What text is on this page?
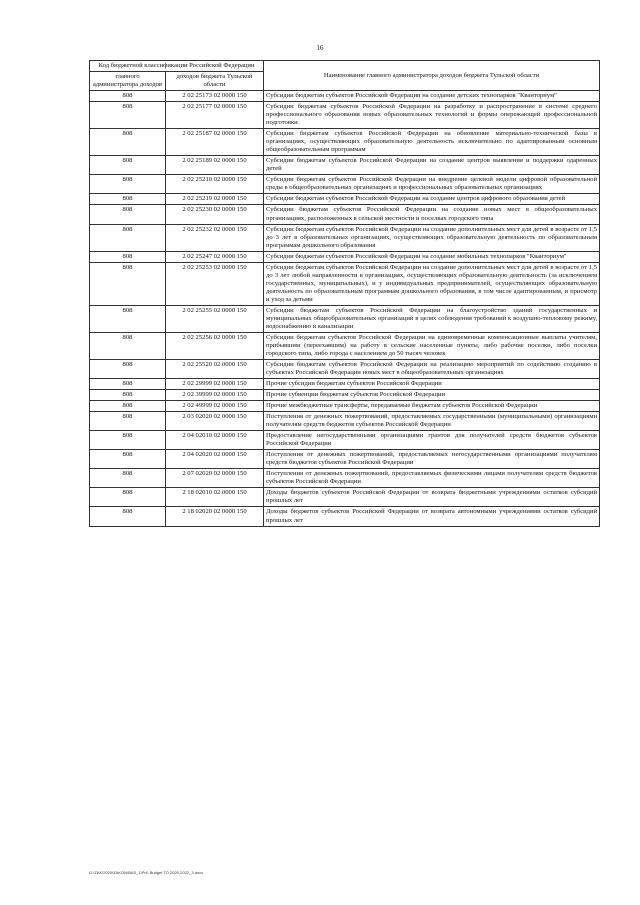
16
Код бюджетной классификации Российской Федерации		Наименование главного администратора доходов бюджета Тульской области
главного администратора доходов	доходов бюджета Тульской области	
808	2 02 25173 02 0000 150	Субсидии бюджетам субъектов Российской Федерации на создание детских технопарков "Кванториум"
808	2 02 25177 02 0000 150	Субсидии бюджетам субъектов Российской Федерации на разработку и распространение в системе среднего профессионального образования новых образовательных технологий и формы опережающей профессиональной подготовки
808	2 02 25187 02 0000 150	Субсидии бюджетам субъектов Российской Федерации на обновление материально-технической базы в организациях, осуществляющих образовательную деятельность исключительно по адаптированным основным общеобразовательным программам
808	2 02 25189 02 0000 150	Субсидии бюджетам субъектов Российской Федерации на создание центров выявления и поддержки одаренных детей
808	2 02 25210 02 0000 150	Субсидии бюджетам субъектов Российской Федерации на внедрение целевой модели цифровой образовательной среды в общеобразовательных организациях и профессиональных образовательных организациях
808	2 02 25219 02 0000 150	Субсидии бюджетам субъектов Российской Федерации на создание центров цифрового образования детей
808	2 02 25230 02 0000 150	Субсидии бюджетам субъектов Российской Федерации на создание новых мест в общеобразовательных организациях, расположенных в сельской местности и поселках городского типа
808	2 02 25232 02 0000 150	Субсидии бюджетам субъектов Российской Федерации на создание дополнительных мест для детей в возрасте от 1,5 до 3 лет в образовательных организациях, осуществляющих образовательную деятельность по образовательным программам дошкольного образования
808	2 02 25247 02 0000 150	Субсидии бюджетам субъектов Российской Федерации на создание мобильных технопарков "Кванториум"
808	2 02 25253 02 0000 150	Субсидии бюджетам субъектов Российской Федерации на создание дополнительных мест для детей в возрасте от 1,5 до 3 лет любой направленности в организациях, осуществляющих образовательную деятельность (за исключением государственных, муниципальных), и у индивидуальных предпринимателей, осуществляющих образовательную деятельность по образовательным программам дошкольного образования, в том числе адаптированным, и присмотр и уход за детьми
808	2 02 25255 02 0000 150	Субсидии бюджетам субъектов Российской Федерации на благоустройство зданий государственных и муниципальных общеобразовательных организаций в целях соблюдения требований к воздушно-тепловому режиму, водоснабжению и канализации
808	2 02 25256 02 0000 150	Субсидии бюджетам субъектов Российской Федерации на единовременные компенсационные выплаты учителям, прибывшим (переехавшим) на работу в сельские населенные пункты, либо рабочие поселки, либо поселки городского типа, либо города с населением до 50 тысяч человек
808	2 02 25520 02 0000 150	Субсидии бюджетам субъектов Российской Федерации на реализацию мероприятий по содействию созданию в субъектах Российской Федерации новых мест в общеобразовательных организациях
808	2 02 29999 02 0000 150	Прочие субсидии бюджетам субъектов Российской Федерации
808	2 02 39999 02 0000 150	Прочие субвенции бюджетам субъектов Российской Федерации
808	2 02 49999 02 0000 150	Прочие межбюджетные трансферты, передаваемые бюджетам субъектов Российской Федерации
808	2 03 02020 02 0000 150	Поступления от денежных пожертвований, предоставляемых государственными (муниципальными) организациями получателям средств бюджетов субъектов Российской Федерации
808	2 04 02010 02 0000 150	Предоставление негосударственными организациями грантов для получателей средств бюджетов субъектов Российской Федерации
808	2 04 02020 02 0000 150	Поступления от денежных пожертвований, предоставляемых негосударственными организациями получателям средств бюджетов субъектов Российской Федерации
808	2 07 02020 02 0000 150	Поступления от денежных пожертвований, предоставляемых физическими лицами получателям средств бюджетов субъектов Российской Федерации
808	2 18 02010 02 0000 150	Доходы бюджетов субъектов Российской Федерации от возврата бюджетными учреждениями остатков субсидий прошлых лет
808	2 18 02020 02 0000 150	Доходы бюджетов субъектов Российской Федерации от возврата автономными учреждениями остатков субсидий прошлых лет
G:\ZAK\2020\ZAKON\BAS_1\Pril. Budget TO 2020-2022_3.docx
